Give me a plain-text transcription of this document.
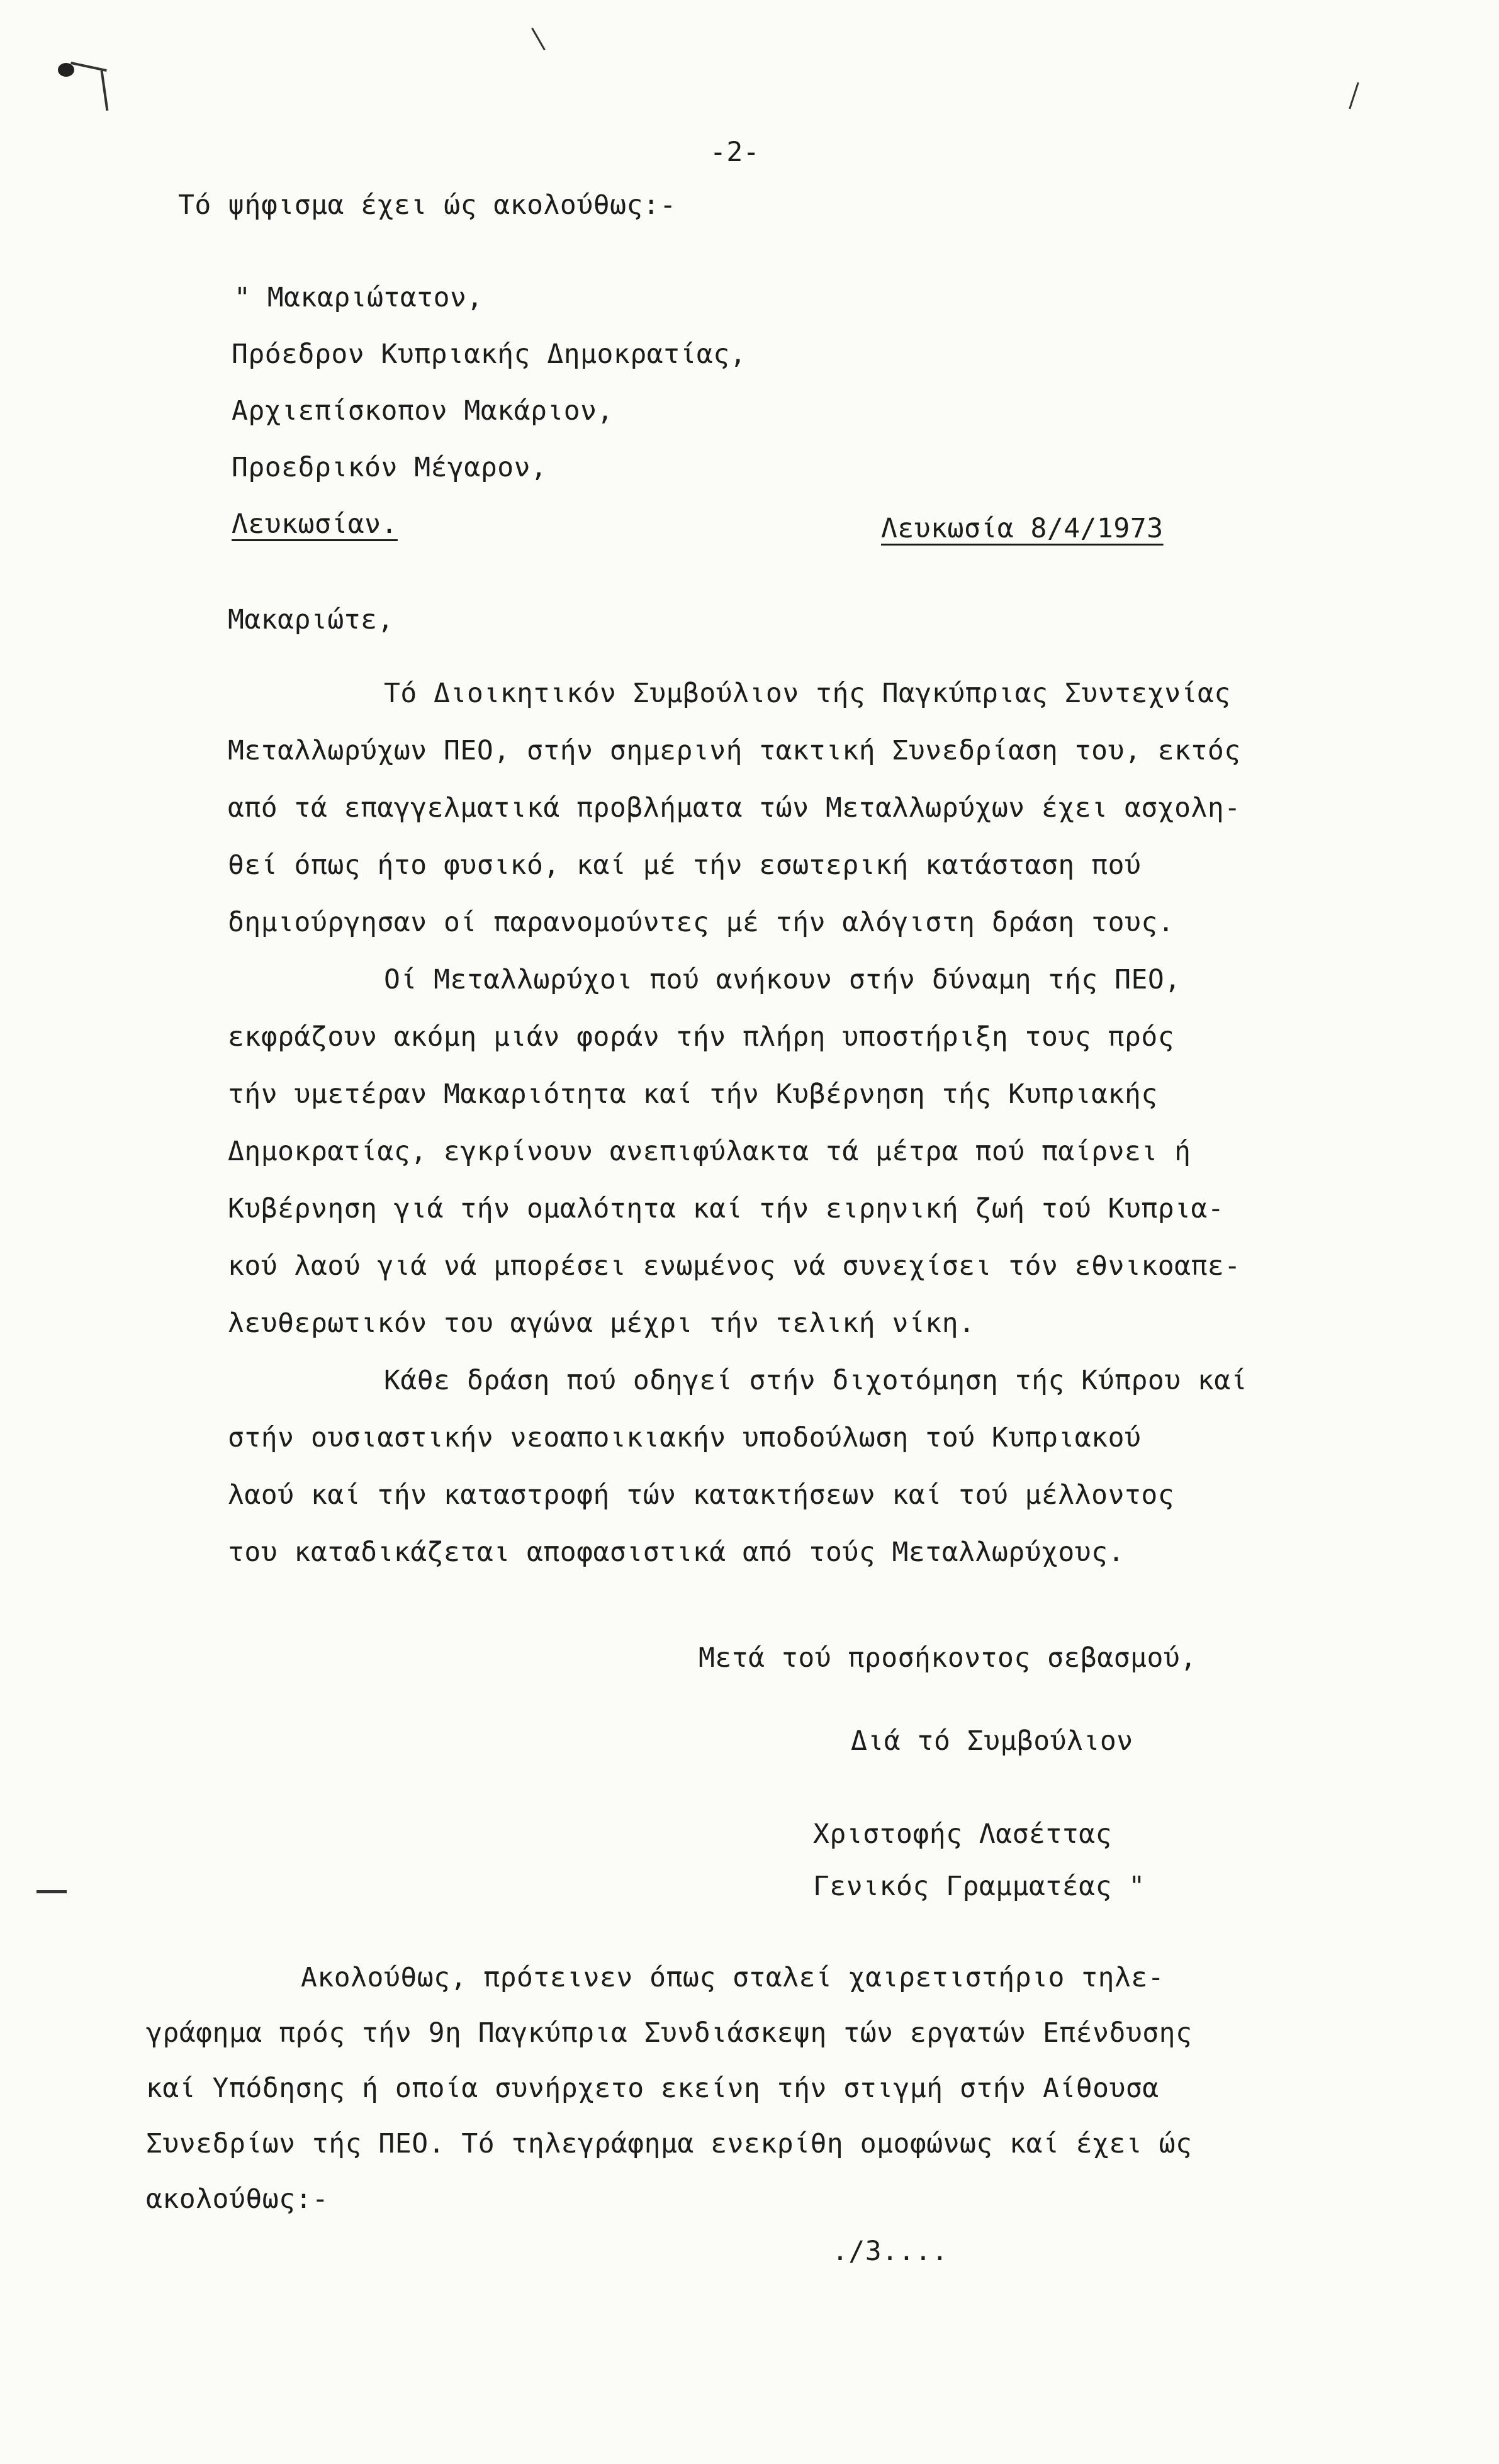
-2-
Τό ψήφισμα έχει ώς ακολούθως:-
" Μακαριώτατον,
Πρόεδρον Κυπριακής Δημοκρατίας,
Αρχιεπίσκοπον Μακάριον,
Προεδρικόν Μέγαρον,
Λευκωσίαν.	Λευκωσία 8/4/1973
Μακαριώτε,
Τό Διοικητικόν Συμβούλιον τής Παγκύπριας Συντεχνίας
Μεταλλωρύχων ΠΕΟ, στήν σημερινή τακτική Συνεδρίαση του, εκτός
από τά επαγγελματικά προβλήματα τών Μεταλλωρύχων έχει ασχολη-
θεί όπως ήτο φυσικό, καί μέ τήν εσωτερική κατάσταση πού
δημιούργησαν οί παρανομούντες μέ τήν αλόγιστη δράση τους.
Οί Μεταλλωρύχοι πού ανήκουν στήν δύναμη τής ΠΕΟ,
εκφράζουν ακόμη μιάν φοράν τήν πλήρη υποστήριξη τους πρός
τήν υμετέραν Μακαριότητα καί τήν Κυβέρνηση τής Κυπριακής
Δημοκρατίας, εγκρίνουν ανεπιφύλακτα τά μέτρα πού παίρνει ή
Κυβέρνηση γιά τήν ομαλότητα καί τήν ειρηνική ζωή τού Κυπρια-
κού λαού γιά νά μπορέσει ενωμένος νά συνεχίσει τόν εθνικοαπε-
λευθερωτικόν του αγώνα μέχρι τήν τελική νίκη.
Κάθε δράση πού οδηγεί στήν διχοτόμηση τής Κύπρου καί
στήν ουσιαστικήν νεοαποικιακήν υποδούλωση τού Κυπριακού
λαού καί τήν καταστροφή τών κατακτήσεων καί τού μέλλοντος
του καταδικάζεται αποφασιστικά από τούς Μεταλλωρύχους.
Μετά τού προσήκοντος σεβασμού,
Διά τό Συμβούλιον
Χριστοφής Λασέττας
Γενικός Γραμματέας "
Ακολούθως, πρότεινεν όπως σταλεί χαιρετιστήριο τηλε-
γράφημα πρός τήν 9η Παγκύπρια Συνδιάσκεψη τών εργατών Επένδυσης
καί Υπόδησης ή οποία συνήρχετο εκείνη τήν στιγμή στήν Αίθουσα
Συνεδρίων τής ΠΕΟ. Τό τηλεγράφημα ενεκρίθη ομοφώνως καί έχει ώς
ακολούθως:-
./3....
